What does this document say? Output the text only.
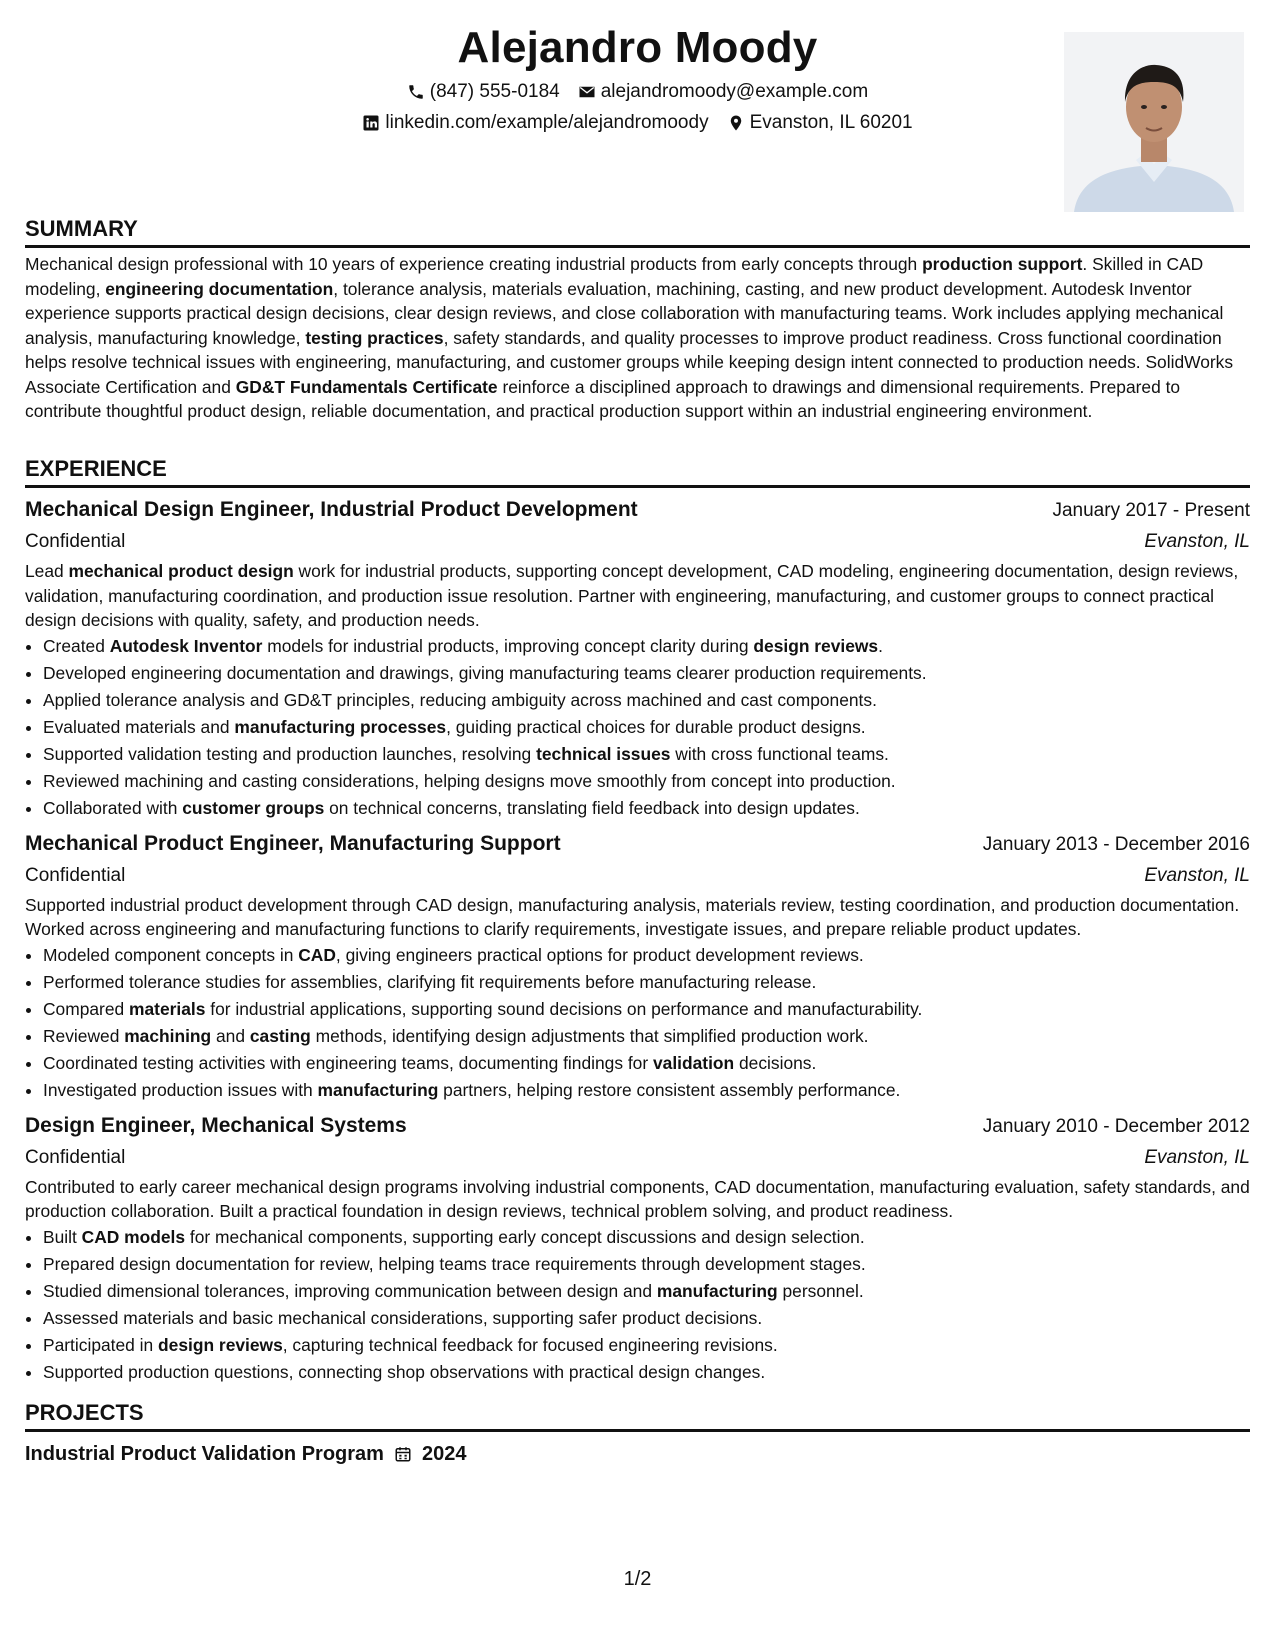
Alejandro Moody
(847) 555-0184 alejandromoody@example.com
linkedin.com/example/alejandromoody Evanston, IL 60201
SUMMARY

Mechanical design professional with 10 years of experience creating industrial products from early concepts through production support. Skilled in CAD modeling, engineering documentation, tolerance analysis, materials evaluation, machining, casting, and new product development. Autodesk Inventor experience supports practical design decisions, clear design reviews, and close collaboration with manufacturing teams. Work includes applying mechanical analysis, manufacturing knowledge, testing practices, safety standards, and quality processes to improve product readiness. Cross functional coordination helps resolve technical issues with engineering, manufacturing, and customer groups while keeping design intent connected to production needs. SolidWorks Associate Certification and GD&T Fundamentals Certificate reinforce a disciplined approach to drawings and dimensional requirements. Prepared to contribute thoughtful product design, reliable documentation, and practical production support within an industrial engineering environment.

EXPERIENCE
Mechanical Design Engineer, Industrial Product Development	January 2017 - Present
Confidential	Evanston, IL

Lead mechanical product design work for industrial products, supporting concept development, CAD modeling, engineering documentation, design reviews, validation, manufacturing coordination, and production issue resolution. Partner with engineering, manufacturing, and customer groups to connect practical design decisions with quality, safety, and production needs.

• Created Autodesk Inventor models for industrial products, improving concept clarity during design reviews.
• Developed engineering documentation and drawings, giving manufacturing teams clearer production requirements.
• Applied tolerance analysis and GD&T principles, reducing ambiguity across machined and cast components.
• Evaluated materials and manufacturing processes, guiding practical choices for durable product designs.
• Supported validation testing and production launches, resolving technical issues with cross functional teams.
• Reviewed machining and casting considerations, helping designs move smoothly from concept into production.
• Collaborated with customer groups on technical concerns, translating field feedback into design updates.
Mechanical Product Engineer, Manufacturing Support	January 2013 - December 2016
Confidential	Evanston, IL

Supported industrial product development through CAD design, manufacturing analysis, materials review, testing coordination, and production documentation. Worked across engineering and manufacturing functions to clarify requirements, investigate issues, and prepare reliable product updates.

• Modeled component concepts in CAD, giving engineers practical options for product development reviews.
• Performed tolerance studies for assemblies, clarifying fit requirements before manufacturing release.
• Compared materials for industrial applications, supporting sound decisions on performance and manufacturability.
• Reviewed machining and casting methods, identifying design adjustments that simplified production work.
• Coordinated testing activities with engineering teams, documenting findings for validation decisions.
• Investigated production issues with manufacturing partners, helping restore consistent assembly performance.
Design Engineer, Mechanical Systems	January 2010 - December 2012
Confidential	Evanston, IL

Contributed to early career mechanical design programs involving industrial components, CAD documentation, manufacturing evaluation, safety standards, and production collaboration. Built a practical foundation in design reviews, technical problem solving, and product readiness.

• Built CAD models for mechanical components, supporting early concept discussions and design selection.
• Prepared design documentation for review, helping teams trace requirements through development stages.
• Studied dimensional tolerances, improving communication between design and manufacturing personnel.
• Assessed materials and basic mechanical considerations, supporting safer product decisions.
• Participated in design reviews, capturing technical feedback for focused engineering revisions.
• Supported production questions, connecting shop observations with practical design changes.
PROJECTS
Industrial Product Validation Program 2024
1/2
